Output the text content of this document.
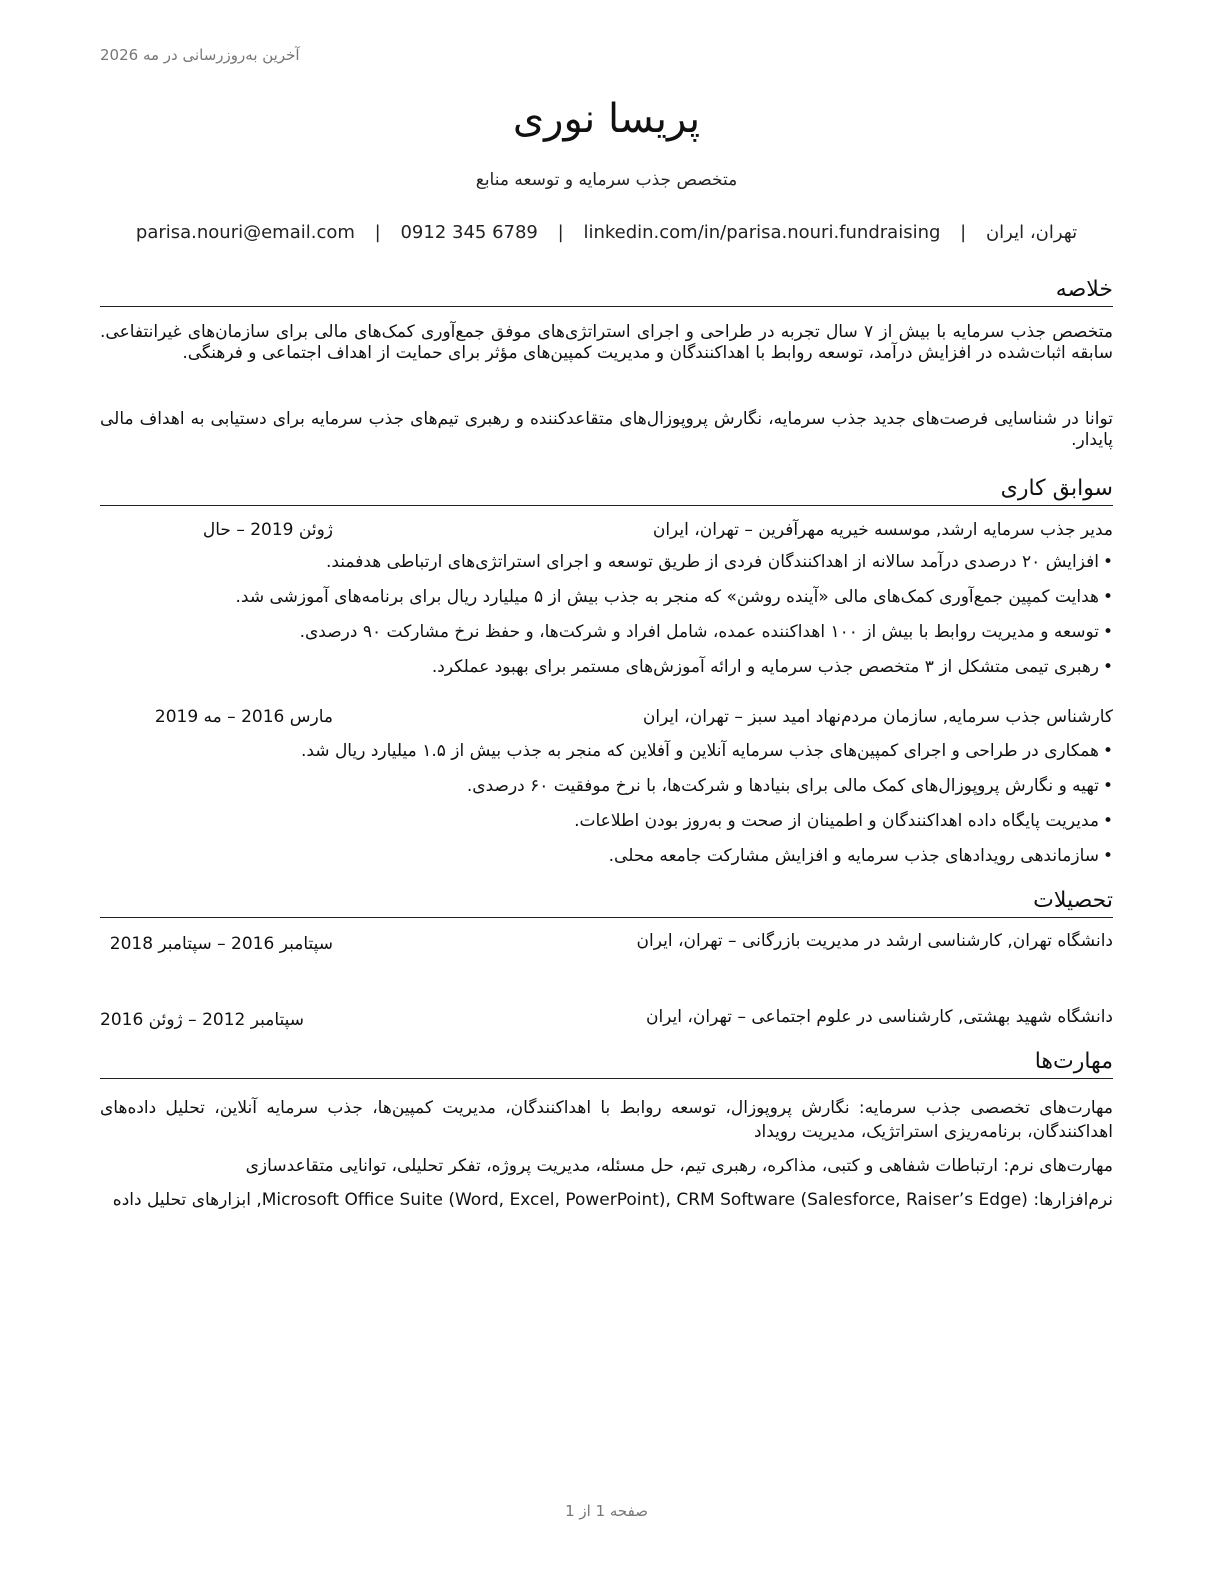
آخرین به‌روزرسانی در مه 2026
پریسا نوری
متخصص جذب سرمایه و توسعه منابع
تهران، ایران | parisa.nouri@email.com | 0912 345 6789 | linkedin.com/in/parisa.nouri.fundraising
خلاصه

متخصص جذب سرمایه با بیش از ۷ سال تجربه در طراحی و اجرای استراتژی‌های موفق جمع‌آوری کمک‌های مالی برای سازمان‌های غیرانتفاعی. سابقه اثبات‌شده در افزایش درآمد، توسعه روابط با اهداکنندگان و مدیریت کمپین‌های مؤثر برای حمایت از اهداف اجتماعی و فرهنگی.

توانا در شناسایی فرصت‌های جدید جذب سرمایه، نگارش پروپوزال‌های متقاعدکننده و رهبری تیم‌های جذب سرمایه برای دستیابی به اهداف مالی پایدار.

سوابق کاری
مدیر جذب سرمایه ارشد, موسسه خیریه مهرآفرین – تهران، ایران
ژوئن 2019 – حال
• افزایش ۲۰ درصدی درآمد سالانه از اهداکنندگان فردی از طریق توسعه و اجرای استراتژی‌های ارتباطی هدفمند.
• هدایت کمپین جمع‌آوری کمک‌های مالی «آینده روشن» که منجر به جذب بیش از ۵ میلیارد ریال برای برنامه‌های آموزشی شد.
• توسعه و مدیریت روابط با بیش از ۱۰۰ اهداکننده عمده، شامل افراد و شرکت‌ها، و حفظ نرخ مشارکت ۹۰ درصدی.
• رهبری تیمی متشکل از ۳ متخصص جذب سرمایه و ارائه آموزش‌های مستمر برای بهبود عملکرد.
کارشناس جذب سرمایه, سازمان مردم‌نهاد امید سبز – تهران، ایران
مارس 2016 – مه 2019
• همکاری در طراحی و اجرای کمپین‌های جذب سرمایه آنلاین و آفلاین که منجر به جذب بیش از ۱.۵ میلیارد ریال شد.
• تهیه و نگارش پروپوزال‌های کمک مالی برای بنیادها و شرکت‌ها، با نرخ موفقیت ۶۰ درصدی.
• مدیریت پایگاه داده اهداکنندگان و اطمینان از صحت و به‌روز بودن اطلاعات.
• سازماندهی رویدادهای جذب سرمایه و افزایش مشارکت جامعه محلی.
تحصیلات
دانشگاه تهران, کارشناسی ارشد در مدیریت بازرگانی – تهران، ایران
سپتامبر 2016 – سپتامبر 2018
دانشگاه شهید بهشتی, کارشناسی در علوم اجتماعی – تهران، ایران
سپتامبر 2012 – ژوئن 2016
مهارت‌ها

مهارت‌های تخصصی جذب سرمایه: نگارش پروپوزال، توسعه روابط با اهداکنندگان، مدیریت کمپین‌ها، جذب سرمایه آنلاین، تحلیل داده‌های اهداکنندگان، برنامه‌ریزی استراتژیک، مدیریت رویداد

مهارت‌های نرم: ارتباطات شفاهی و کتبی، مذاکره، رهبری تیم، حل مسئله، مدیریت پروژه، تفکر تحلیلی، توانایی متقاعدسازی

نرم‌افزارها: Microsoft Office Suite (Word, Excel, PowerPoint), CRM Software (Salesforce, Raiser’s Edge), ابزارهای تحلیل داده

صفحه 1 از 1
